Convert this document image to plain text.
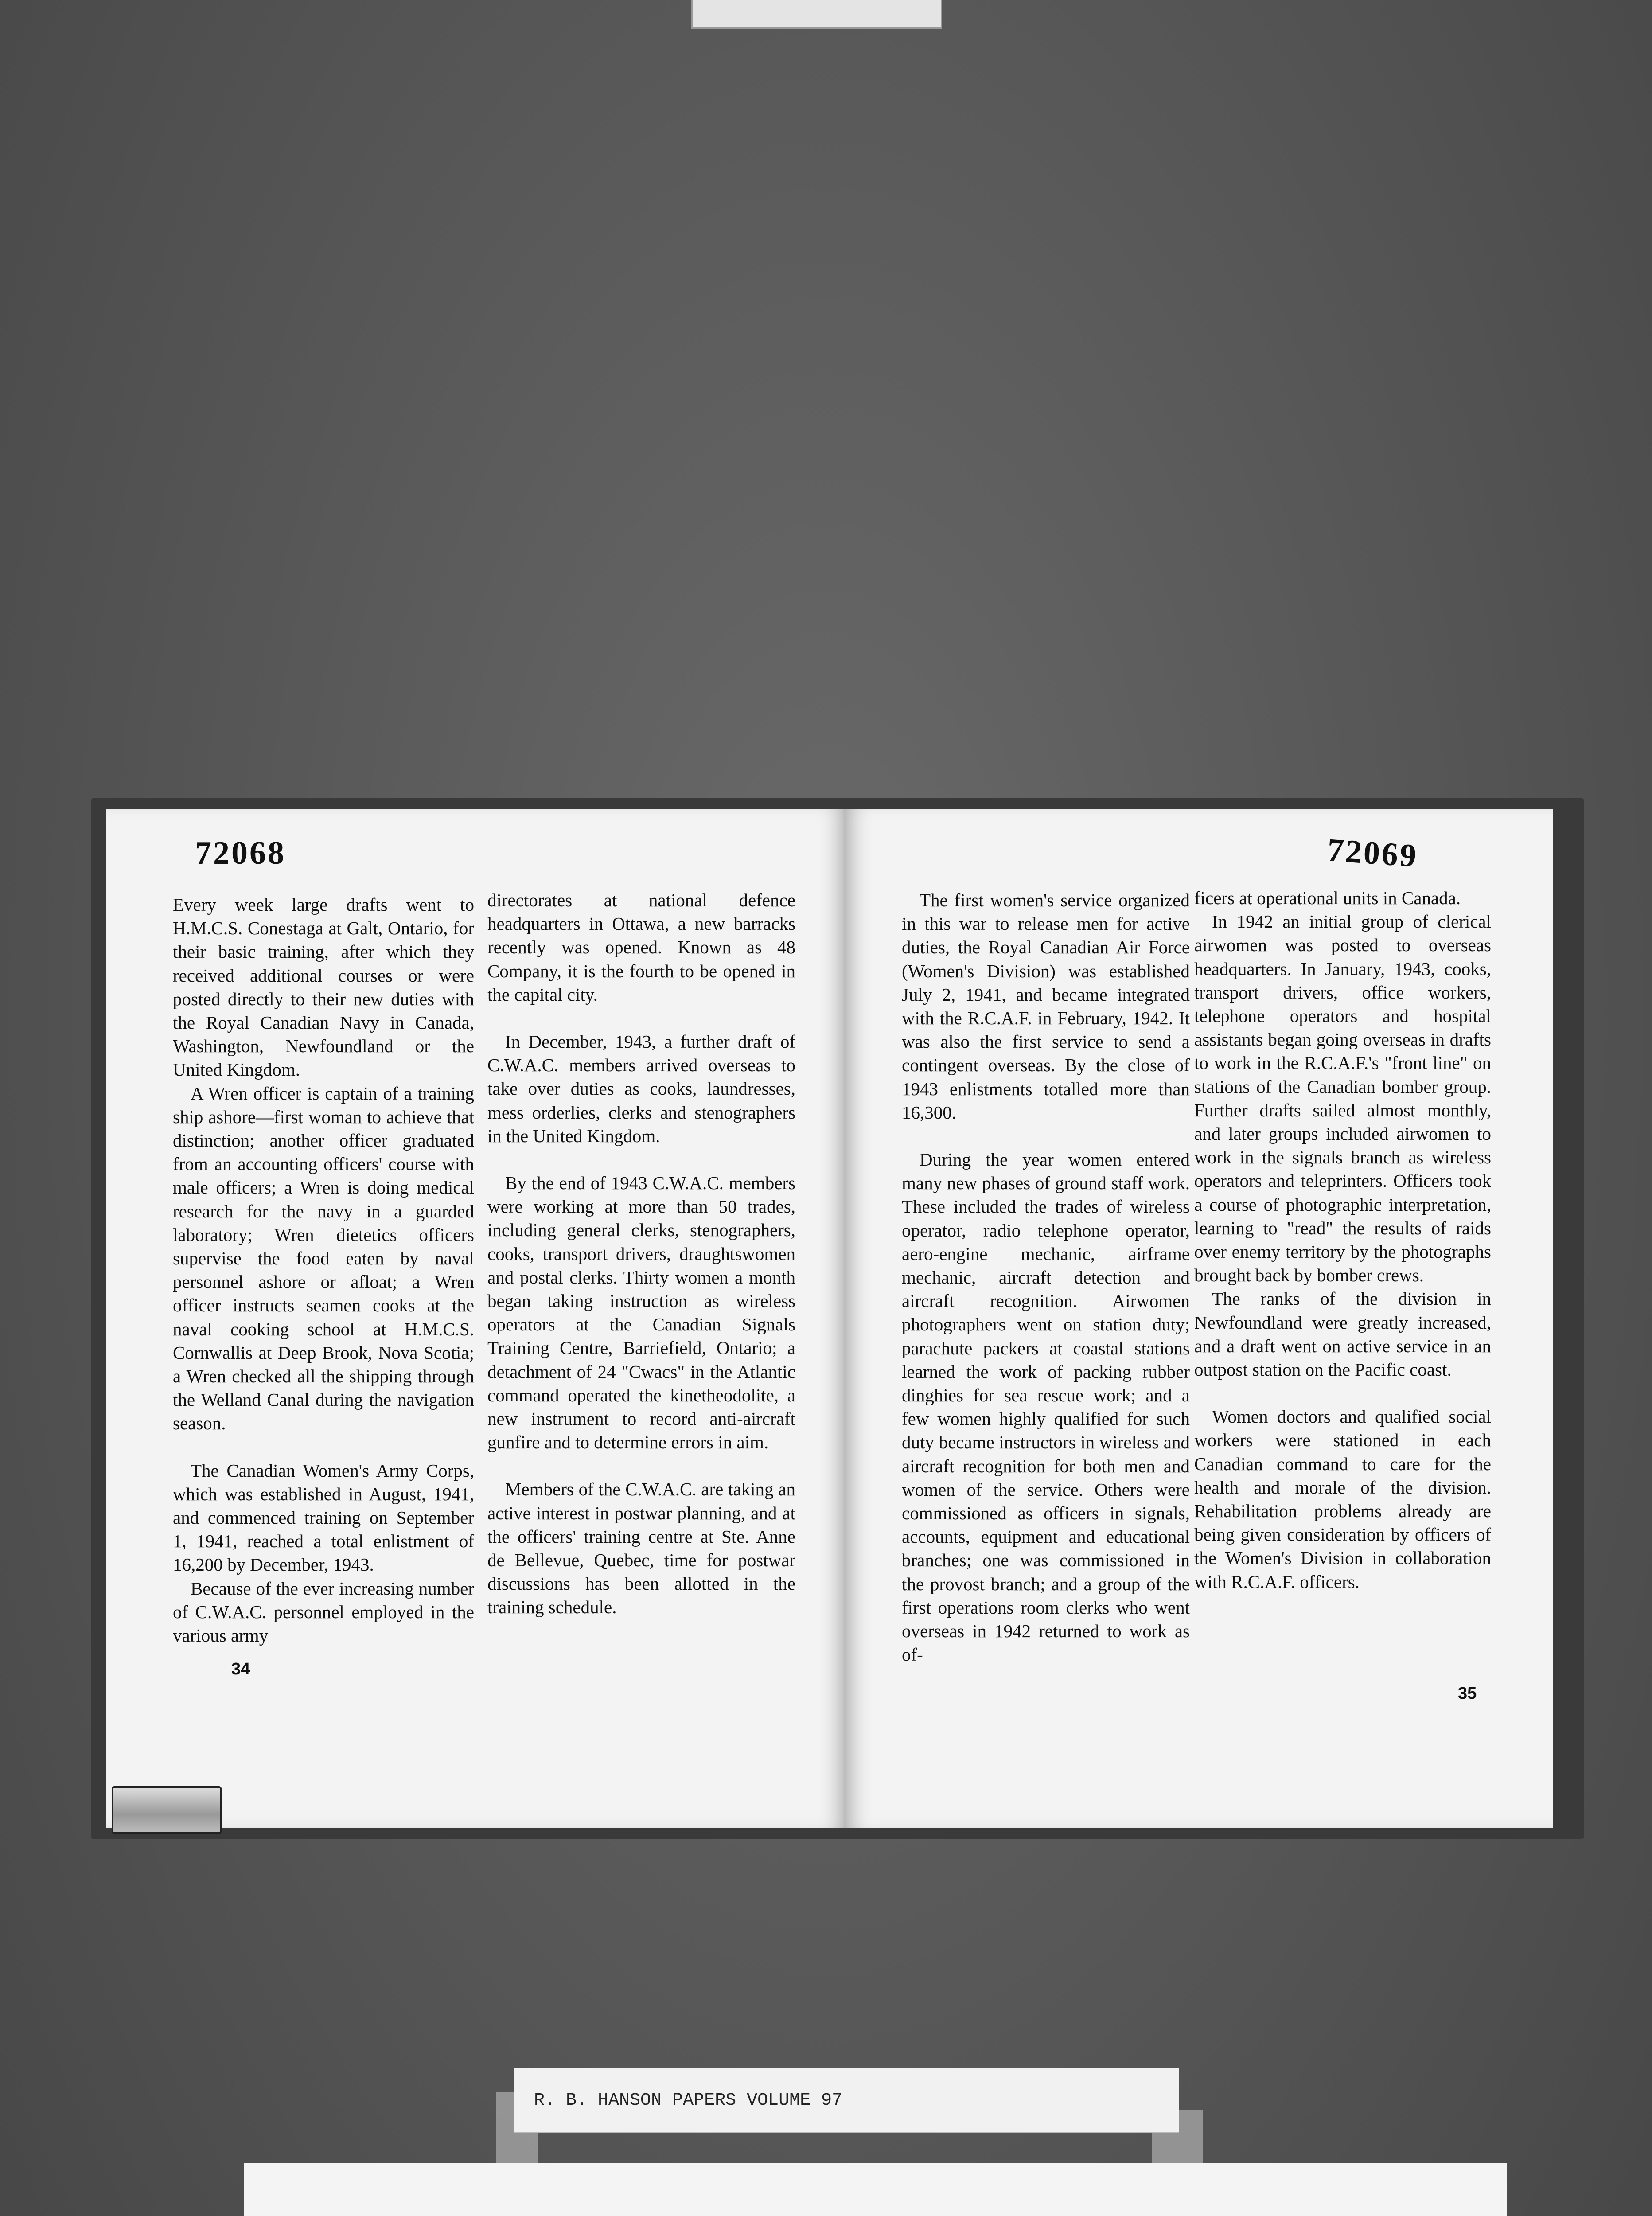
72068

Every week large drafts went to H.M.C.S. Conestaga at Galt, Ontario, for their basic training, after which they received additional courses or were posted directly to their new duties with the Royal Canadian Navy in Canada, Washington, Newfoundland or the United Kingdom.

A Wren officer is captain of a training ship ashore—first woman to achieve that distinction; another officer graduated from an accounting officers' course with male officers; a Wren is doing medical research for the navy in a guarded laboratory; Wren dietetics officers supervise the food eaten by naval personnel ashore or afloat; a Wren officer instructs seamen cooks at the naval cooking school at H.M.C.S. Cornwallis at Deep Brook, Nova Scotia; a Wren checked all the shipping through the Welland Canal during the navigation season.

The Canadian Women's Army Corps, which was established in August, 1941, and commenced training on September 1, 1941, reached a total enlistment of 16,200 by December, 1943.

Because of the ever increasing number of C.W.A.C. personnel employed in the various army

directorates at national defence headquarters in Ottawa, a new barracks recently was opened. Known as 48 Company, it is the fourth to be opened in the capital city.

In December, 1943, a further draft of C.W.A.C. members arrived overseas to take over duties as cooks, laundresses, mess orderlies, clerks and stenographers in the United Kingdom.

By the end of 1943 C.W.A.C. members were working at more than 50 trades, including general clerks, stenographers, cooks, transport drivers, draughtswomen and postal clerks. Thirty women a month began taking instruction as wireless operators at the Canadian Signals Training Centre, Barriefield, Ontario; a detachment of 24 "Cwacs" in the Atlantic command operated the kinetheodolite, a new instrument to record anti-aircraft gunfire and to determine errors in aim.

Members of the C.W.A.C. are taking an active interest in postwar planning, and at the officers' training centre at Ste. Anne de Bellevue, Quebec, time for postwar discussions has been allotted in the training schedule.

34
72069

The first women's service organized in this war to release men for active duties, the Royal Canadian Air Force (Women's Division) was established July 2, 1941, and became integrated with the R.C.A.F. in February, 1942. It was also the first service to send a contingent overseas. By the close of 1943 enlistments totalled more than 16,300.

During the year women entered many new phases of ground staff work. These included the trades of wireless operator, radio telephone operator, aero-engine mechanic, airframe mechanic, aircraft detection and aircraft recognition. Airwomen photographers went on station duty; parachute packers at coastal stations learned the work of packing rubber dinghies for sea rescue work; and a few women highly qualified for such duty became instructors in wireless and aircraft recognition for both men and women of the service. Others were commissioned as officers in signals, accounts, equipment and educational branches; one was commissioned in the provost branch; and a group of the first operations room clerks who went overseas in 1942 returned to work as of-

ficers at operational units in Canada.

In 1942 an initial group of clerical airwomen was posted to overseas headquarters. In January, 1943, cooks, transport drivers, office workers, telephone operators and hospital assistants began going overseas in drafts to work in the R.C.A.F.'s "front line" on stations of the Canadian bomber group. Further drafts sailed almost monthly, and later groups included airwomen to work in the signals branch as wireless operators and teleprinters. Officers took a course of photographic interpretation, learning to "read" the results of raids over enemy territory by the photographs brought back by bomber crews.

The ranks of the division in Newfoundland were greatly increased, and a draft went on active service in an outpost station on the Pacific coast.

Women doctors and qualified social workers were stationed in each Canadian command to care for the health and morale of the division. Rehabilitation problems already are being given consideration by officers of the Women's Division in collaboration with R.C.A.F. officers.

35
R. B. HANSON PAPERS VOLUME 97
